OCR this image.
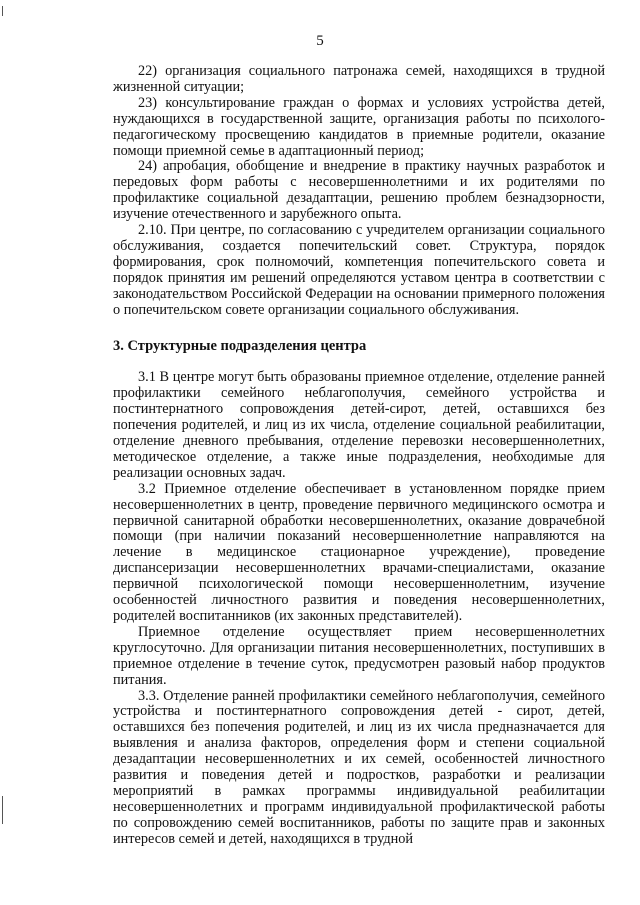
5

22) организация социального патронажа семей, находящихся в трудной жизненной ситуации;

23) консультирование граждан о формах и условиях устройства детей, нуждающихся в государственной защите, организация работы по психолого-педагогическому просвещению кандидатов в приемные родители, оказание помощи приемной семье в адаптационный период;

24) апробация, обобщение и внедрение в практику научных разработок и передовых форм работы с несовершеннолетними и их родителями по профилактике социальной дезадаптации, решению проблем безнадзорности, изучение отечественного и зарубежного опыта.

2.10. При центре, по согласованию с учредителем организации социального обслуживания, создается попечительский совет. Структура, порядок формирования, срок полномочий, компетенция попечительского совета и порядок принятия им решений определяются уставом центра в соответствии с законодательством Российской Федерации на основании примерного положения о попечительском совете организации социального обслуживания.

3. Структурные подразделения центра

3.1 В центре могут быть образованы приемное отделение, отделение ранней профилактики семейного неблагополучия, семейного устройства и постинтернатного сопровождения детей-сирот, детей, оставшихся без попечения родителей, и лиц из их числа, отделение социальной реабилитации, отделение дневного пребывания, отделение перевозки несовершеннолетних, методическое отделение, а также иные подразделения, необходимые для реализации основных задач.

3.2 Приемное отделение обеспечивает в установленном порядке прием несовершеннолетних в центр, проведение первичного медицинского осмотра и первичной санитарной обработки несовершеннолетних, оказание доврачебной помощи (при наличии показаний несовершеннолетние направляются на лечение в медицинское стационарное учреждение), проведение диспансеризации несовершеннолетних врачами-специалистами, оказание первичной психологической помощи несовершеннолетним, изучение особенностей личностного развития и поведения несовершеннолетних, родителей воспитанников (их законных представителей).

Приемное отделение осуществляет прием несовершеннолетних круглосуточно. Для организации питания несовершеннолетних, поступивших в приемное отделение в течение суток, предусмотрен разовый набор продуктов питания.

3.3. Отделение ранней профилактики семейного неблагополучия, семейного устройства и постинтернатного сопровождения детей - сирот, детей, оставшихся без попечения родителей, и лиц из их числа предназначается для выявления и анализа факторов, определения форм и степени социальной дезадаптации несовершеннолетних и их семей, особенностей личностного развития и поведения детей и подростков, разработки и реализации мероприятий в рамках программы индивидуальной реабилитации несовершеннолетних и программ индивидуальной профилактической работы по сопровождению семей воспитанников, работы по защите прав и законных интересов семей и детей, находящихся в трудной
